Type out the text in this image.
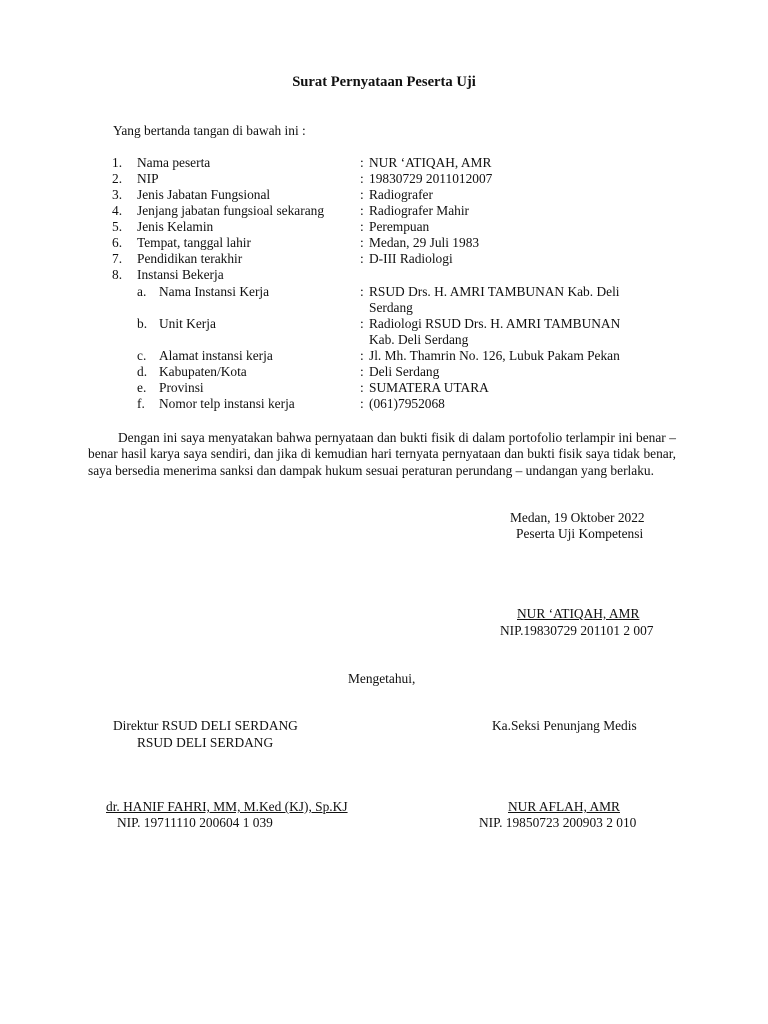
Surat Pernyataan Peserta Uji
Yang bertanda tangan di bawah ini :
1. Nama peserta	: NUR ‘ATIQAH, AMR
2. NIP	: 19830729 2011012007
3. Jenis Jabatan Fungsional	: Radiografer
4. Jenjang jabatan fungsioal sekarang	: Radiografer Mahir
5. Jenis Kelamin	: Perempuan
6. Tempat, tanggal lahir	: Medan, 29 Juli 1983
7. Pendidikan terakhir	: D-III Radiologi
8. Instansi Bekerja
a. Nama Instansi Kerja	: RSUD Drs. H. AMRI TAMBUNAN Kab. Deli
Serdang
b. Unit Kerja	: Radiologi RSUD Drs. H. AMRI TAMBUNAN
Kab. Deli Serdang
c. Alamat instansi kerja	: Jl. Mh. Thamrin No. 126, Lubuk Pakam Pekan
d. Kabupaten/Kota	: Deli Serdang
e. Provinsi	: SUMATERA UTARA
f. Nomor telp instansi kerja	: (061)7952068
Dengan ini saya menyatakan bahwa pernyataan dan bukti fisik di dalam portofolio terlampir ini benar – benar hasil karya saya sendiri, dan jika di kemudian hari ternyata pernyataan dan bukti fisik saya tidak benar, saya bersedia menerima sanksi dan dampak hukum sesuai peraturan perundang – undangan yang berlaku.
Medan, 19 Oktober 2022
Peserta Uji Kompetensi
NUR ‘ATIQAH, AMR
NIP.19830729 201101 2 007
Mengetahui,
Direktur RSUD DELI SERDANG
RSUD DELI SERDANG
dr. HANIF FAHRI, MM, M.Ked (KJ), Sp.KJ
NIP. 19711110 200604 1 039
Ka.Seksi Penunjang Medis
NUR AFLAH, AMR
NIP. 19850723 200903 2 010
